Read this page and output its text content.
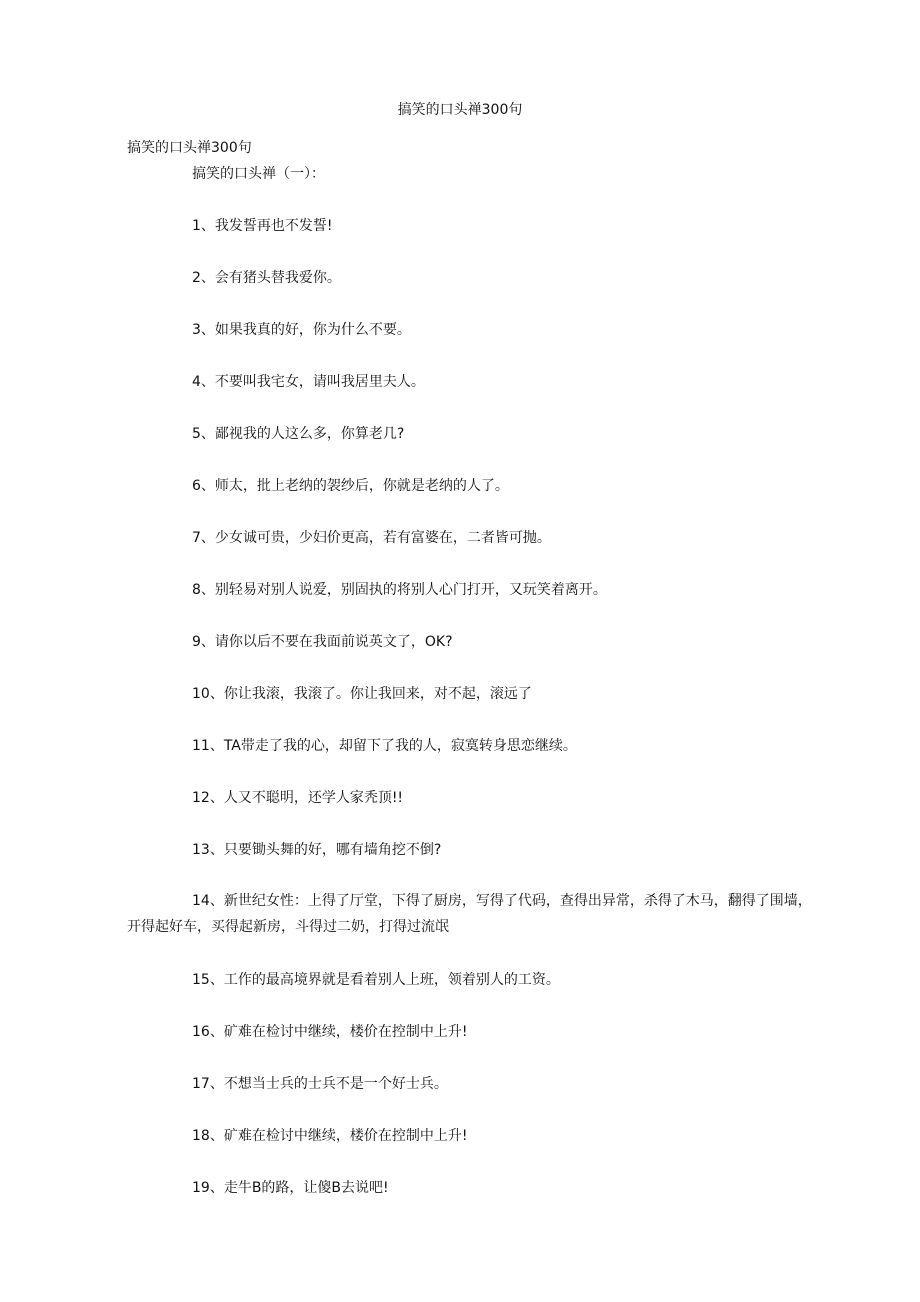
搞笑的口头禅300句
搞笑的口头禅300句
搞笑的口头禅（一）：
1、我发誓再也不发誓!
2、会有猪头替我爱你。
3、如果我真的好，你为什么不要。
4、不要叫我宅女，请叫我居里夫人。
5、鄙视我的人这么多，你算老几?
6、师太，批上老纳的袈纱后，你就是老纳的人了。
7、少女诚可贵，少妇价更高，若有富婆在，二者皆可抛。
8、别轻易对别人说爱，别固执的将别人心门打开，又玩笑着离开。
9、请你以后不要在我面前说英文了，OK?
10、你让我滚，我滚了。你让我回来，对不起，滚远了
11、TA带走了我的心，却留下了我的人，寂寞转身思恋继续。
12、人又不聪明，还学人家秃顶!!
13、只要锄头舞的好，哪有墙角挖不倒?
14、新世纪女性：上得了厅堂，下得了厨房，写得了代码，查得出异常，杀得了木马，翻得了围墙，开得起好车，买得起新房，斗得过二奶，打得过流氓
15、工作的最高境界就是看着别人上班，领着别人的工资。
16、矿难在检讨中继续，楼价在控制中上升!
17、不想当士兵的士兵不是一个好士兵。
18、矿难在检讨中继续，楼价在控制中上升!
19、走牛B的路，让傻B去说吧!
